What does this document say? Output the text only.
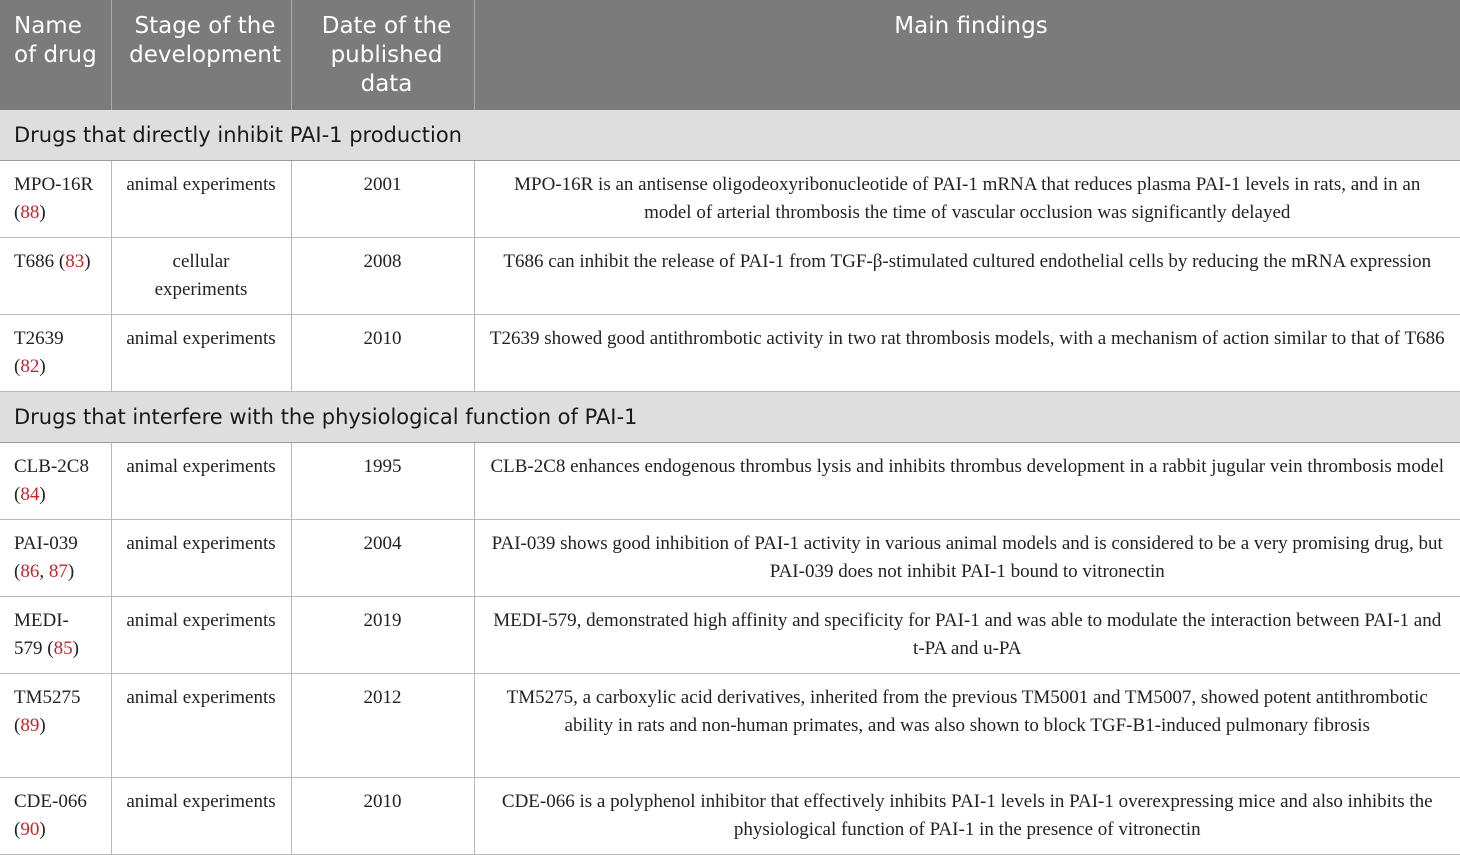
Name of drug	Stage of the development	Date of the published data	Main findings
Drugs that directly inhibit PAI-1 production			
MPO-16R (88)	animal experiments	2001	MPO-16R is an antisense oligodeoxyribonucleotide of PAI-1 mRNA that reduces plasma PAI-1 levels in rats, and in an model of arterial thrombosis the time of vascular occlusion was significantly delayed
T686 (83)	cellular experiments	2008	T686 can inhibit the release of PAI-1 from TGF-β-stimulated cultured endothelial cells by reducing the mRNA expression
T2639 (82)	animal experiments	2010	T2639 showed good antithrombotic activity in two rat thrombosis models, with a mechanism of action similar to that of T686
Drugs that interfere with the physiological function of PAI-1			
CLB-2C8 (84)	animal experiments	1995	CLB-2C8 enhances endogenous thrombus lysis and inhibits thrombus development in a rabbit jugular vein thrombosis model
PAI-039 (86, 87)	animal experiments	2004	PAI-039 shows good inhibition of PAI-1 activity in various animal models and is considered to be a very promising drug, but PAI-039 does not inhibit PAI-1 bound to vitronectin
MEDI-579 (85)	animal experiments	2019	MEDI-579, demonstrated high affinity and specificity for PAI-1 and was able to modulate the interaction between PAI-1 and t-PA and u-PA
TM5275 (89)	animal experiments	2012	TM5275, a carboxylic acid derivatives, inherited from the previous TM5001 and TM5007, showed potent antithrombotic ability in rats and non-human primates, and was also shown to block TGF-B1-induced pulmonary fibrosis
CDE-066 (90)	animal experiments	2010	CDE-066 is a polyphenol inhibitor that effectively inhibits PAI-1 levels in PAI-1 overexpressing mice and also inhibits the physiological function of PAI-1 in the presence of vitronectin
